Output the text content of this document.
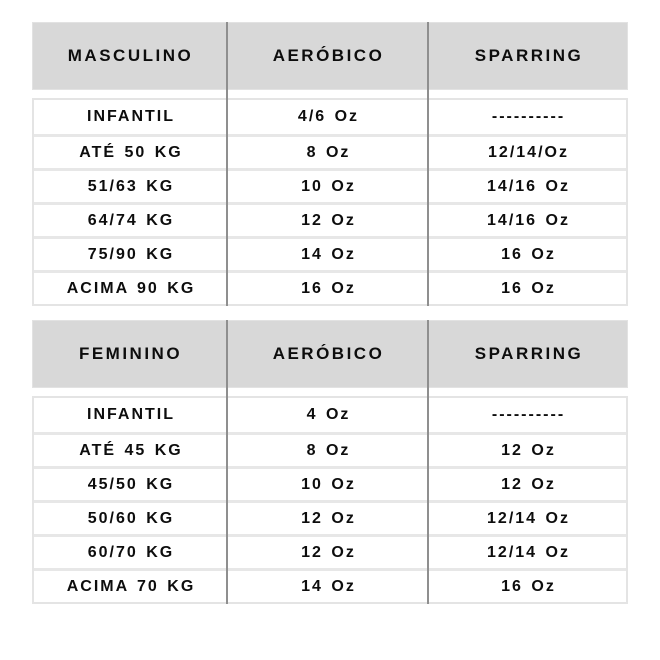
MASCULINO	AERÓBICO	SPARRING
INFANTIL	4/6 Oz	----------
ATÉ 50 KG	8 Oz	12/14/Oz
51/63 KG	10 Oz	14/16 Oz
64/74 KG	12 Oz	14/16 Oz
75/90 KG	14 Oz	16 Oz
ACIMA 90 KG	16 Oz	16 Oz
FEMININO	AERÓBICO	SPARRING
INFANTIL	4 Oz	----------
ATÉ 45 KG	8 Oz	12 Oz
45/50 KG	10 Oz	12 Oz
50/60 KG	12 Oz	12/14 Oz
60/70 KG	12 Oz	12/14 Oz
ACIMA 70 KG	14 Oz	16 Oz
